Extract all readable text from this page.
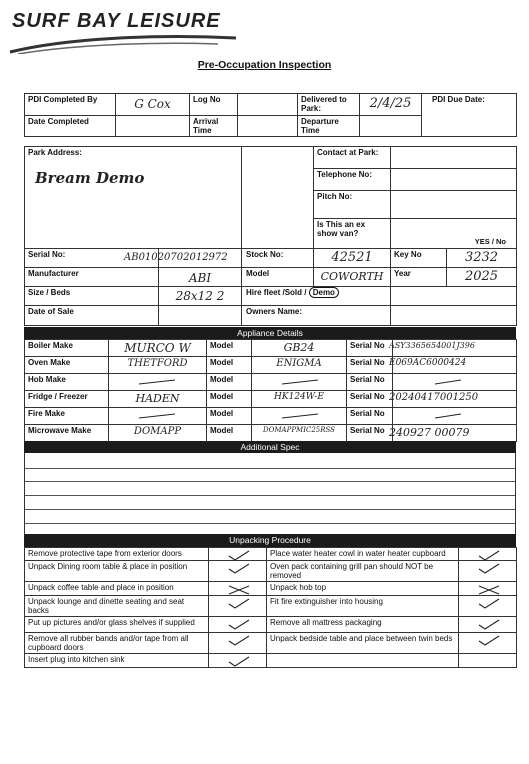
SURF BAY LEISURE
Pre-Occupation Inspection
PDI Completed By	G Cox	Log No		Delivered to Park:	2/4/25	PDI Due Date:
Date Completed		Arrival Time		Departure Time		
Park Address:
Bream Demo			Contact at Park:		
			Telephone No:		
			Pitch No:		
			Is This an ex show van?	YES / No	

Serial No:	AB01020702012972	Stock No:	42521	Key No	3232

Manufacturer	ABI	Model	COWORTH	Year	2025

Size / Beds	28x12 2	Hire fleet /Sold / Demo			
Date of Sale		Owners Name:			
Appliance Details
Boiler Make	MURCO W	Model	GB24	Serial No	ASY3365654001J396

Oven Make	THETFORD	Model	ENIGMA	Serial No	E069AC6000424

Hob Make		Model		Serial No	

Fridge / Freezer	HADEN	Model	HK124W-E	Serial No	20240417001250

Fire Make		Model		Serial No	

Microwave Make	DOMAPP	Model	DOMAPPMIC25RSS	Serial No	240927 00079
Additional Spec
Unpacking Procedure
Remove protective tape from exterior doors		Place water heater cowl in water heater cupboard	

Unpack Dining room table & place in position		Oven pack containing grill pan should NOT be removed	

Unpack coffee table and place in position		Unpack hob top	

Unpack lounge and dinette seating and seat backs		Fit fire extinguisher into housing	

Put up pictures and/or glass shelves if supplied		Remove all mattress packaging	

Remove all rubber bands and/or tape from all cupboard doors		Unpack bedside table and place between twin beds	

Insert plug into kitchen sink	
